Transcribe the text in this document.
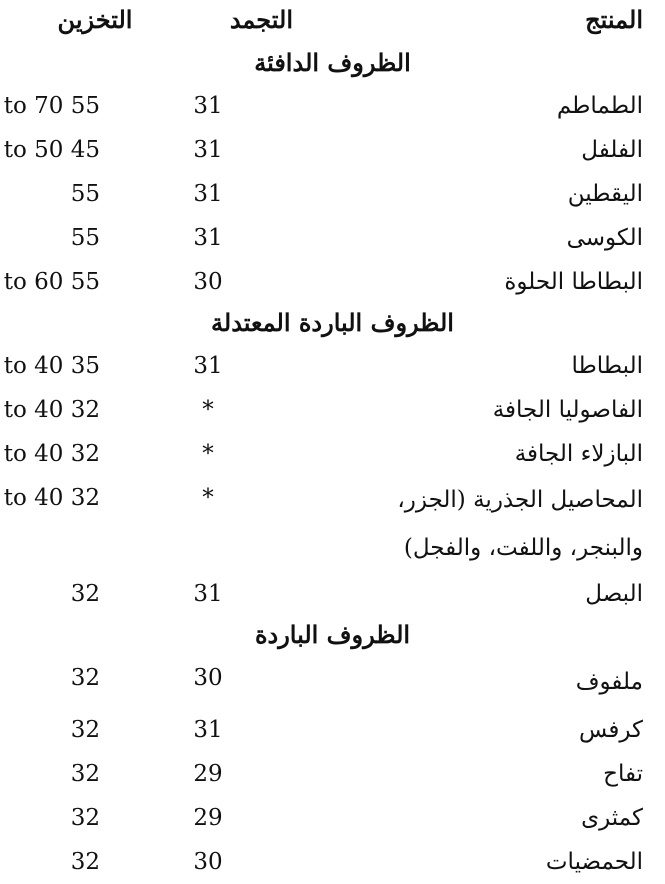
المنتج	التجمد	التخزين
الظروف الدافئة		
الطماطم	31	55 to 70
الفلفل	31	45 to 50
اليقطين	31	55
الكوسى	31	55
البطاطا الحلوة	30	55 to 60
الظروف الباردة المعتدلة		
البطاطا	31	35 to 40
الفاصوليا الجافة	*	32 to 40
البازلاء الجافة	*	32 to 40

المحاصيل الجذرية (الجزر، والبنجر، واللفت، والفجل)	*	32 to 40
البصل	31	32
الظروف الباردة		
ملفوف	30	32
كرفس	31	32
تفاح	29	32
كمثرى	29	32
الحمضيات	30	32
